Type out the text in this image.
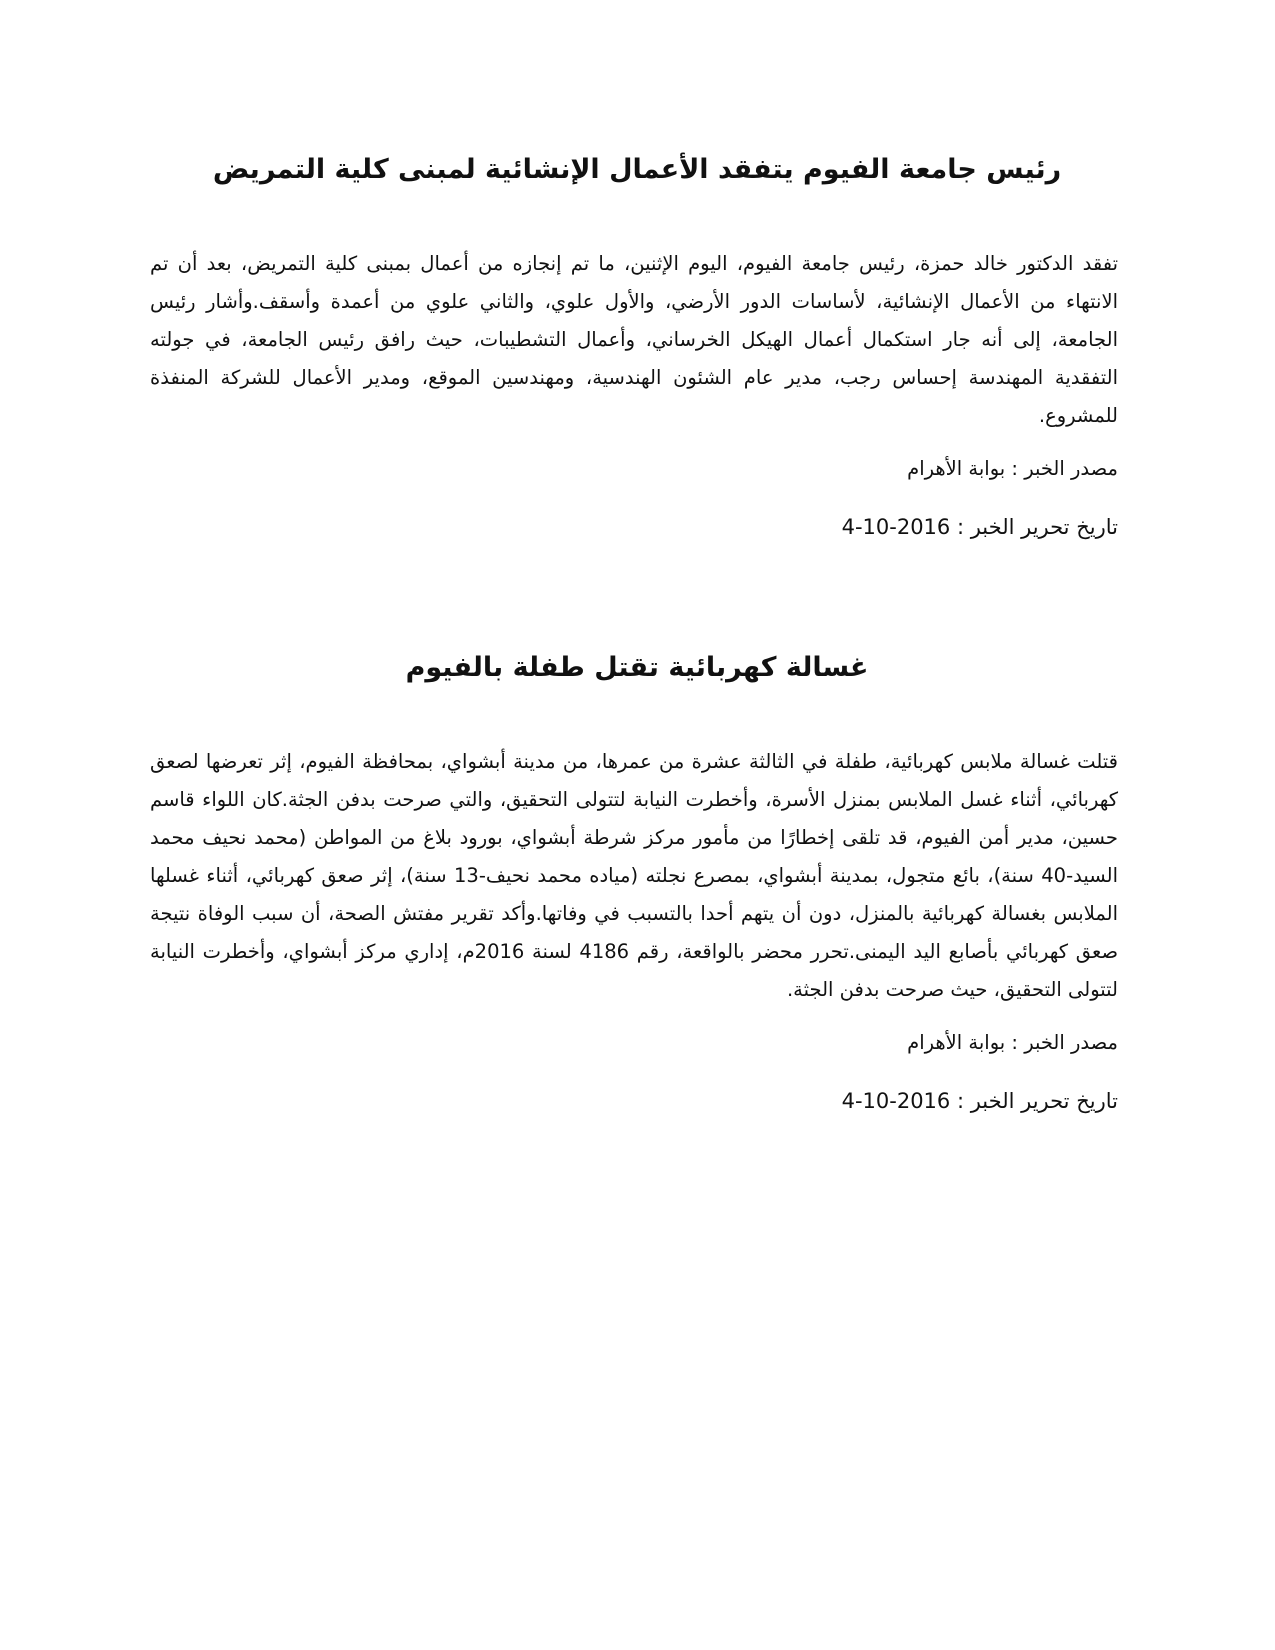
رئيس جامعة الفيوم يتفقد الأعمال الإنشائية لمبنى كلية التمريض

تفقد الدكتور خالد حمزة، رئيس جامعة الفيوم، اليوم الإثنين، ما تم إنجازه من أعمال بمبنى كلية التمريض، بعد أن تم الانتهاء من الأعمال الإنشائية، لأساسات الدور الأرضي، والأول علوي، والثاني علوي من أعمدة وأسقف.وأشار رئيس الجامعة، إلى أنه جار استكمال أعمال الهيكل الخرساني، وأعمال التشطيبات، حيث رافق رئيس الجامعة، في جولته التفقدية المهندسة إحساس رجب، مدير عام الشئون الهندسية، ومهندسين الموقع، ومدير الأعمال للشركة المنفذة للمشروع.

مصدر الخبر : بوابة الأهرام

تاريخ تحرير الخبر : 4-10-2016

غسالة كهربائية تقتل طفلة بالفيوم

قتلت غسالة ملابس كهربائية، طفلة في الثالثة عشرة من عمرها، من مدينة أبشواي، بمحافظة الفيوم، إثر تعرضها لصعق كهربائي، أثناء غسل الملابس بمنزل الأسرة، وأخطرت النيابة لتتولى التحقيق، والتي صرحت بدفن الجثة.كان اللواء قاسم حسين، مدير أمن الفيوم، قد تلقى إخطارًا من مأمور مركز شرطة أبشواي، بورود بلاغ من المواطن (محمد نحيف محمد السيد-40 سنة)، بائع متجول، بمدينة أبشواي، بمصرع نجلته (مياده محمد نحيف-13 سنة)، إثر صعق كهربائي، أثناء غسلها الملابس بغسالة كهربائية بالمنزل، دون أن يتهم أحدا بالتسبب في وفاتها.وأكد تقرير مفتش الصحة، أن سبب الوفاة نتيجة صعق كهربائي بأصابع اليد اليمنى.تحرر محضر بالواقعة، رقم 4186 لسنة 2016م، إداري مركز أبشواي، وأخطرت النيابة لتتولى التحقيق، حيث صرحت بدفن الجثة.

مصدر الخبر : بوابة الأهرام

تاريخ تحرير الخبر : 4-10-2016
